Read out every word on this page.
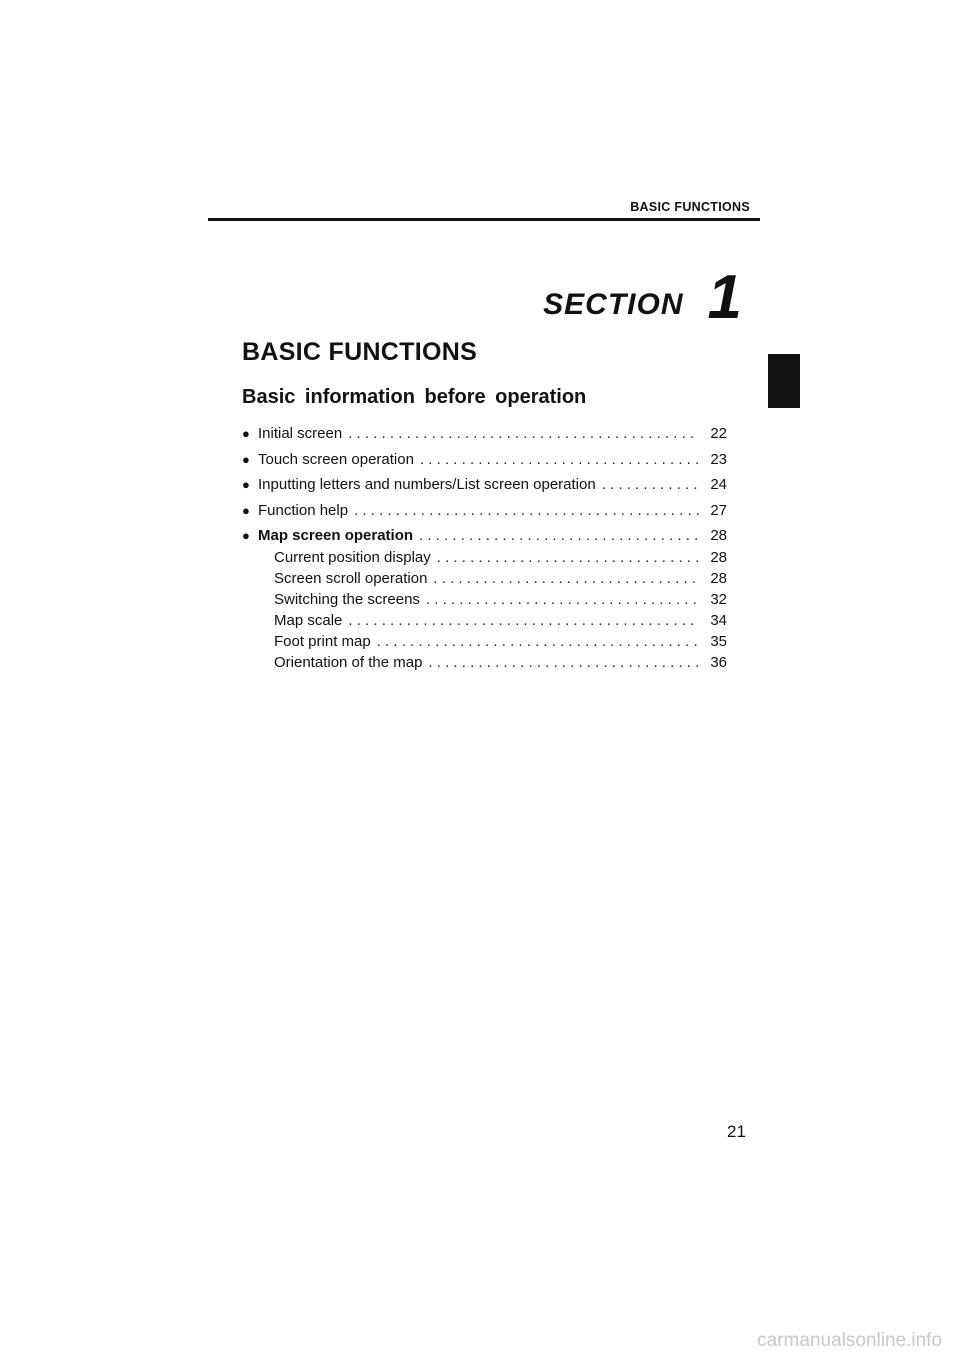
BASIC FUNCTIONS
SECTION 1
BASIC FUNCTIONS
Basic information before operation
● Initial screen . . .	22
● Touch screen operation . . .	23
● Inputting letters and numbers/List screen operation . . .	24
● Function help . . .	27
● Map screen operation . . .	28
Current position display . . .	28
Screen scroll operation . . .	28
Switching the screens . . .	32
Map scale . . .	34
Foot print map . . .	35
Orientation of the map . . .	36
21
carmanualsonline.info
